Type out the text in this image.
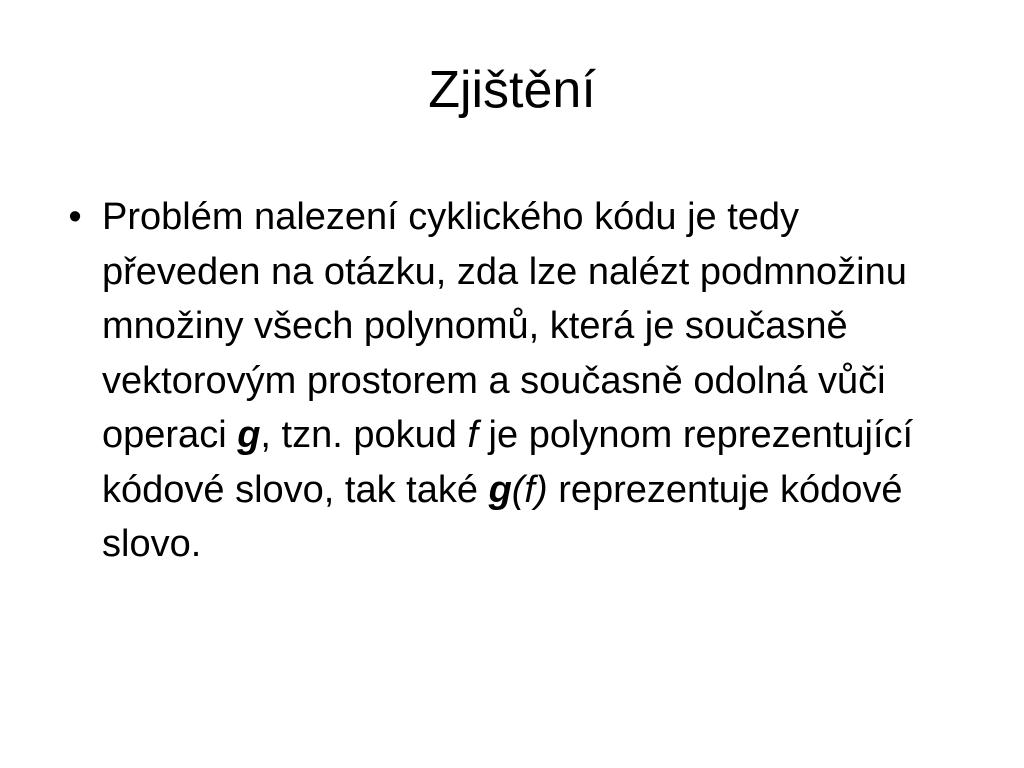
Zjištění
• Problém nalezení cyklického kódu je tedy převeden na otázku, zda lze nalézt podmnožinu množiny všech polynomů, která je současně vektorovým prostorem a současně odolná vůči operaci g, tzn. pokud f je polynom reprezentující kódové slovo, tak také g(f) reprezentuje kódové slovo.
